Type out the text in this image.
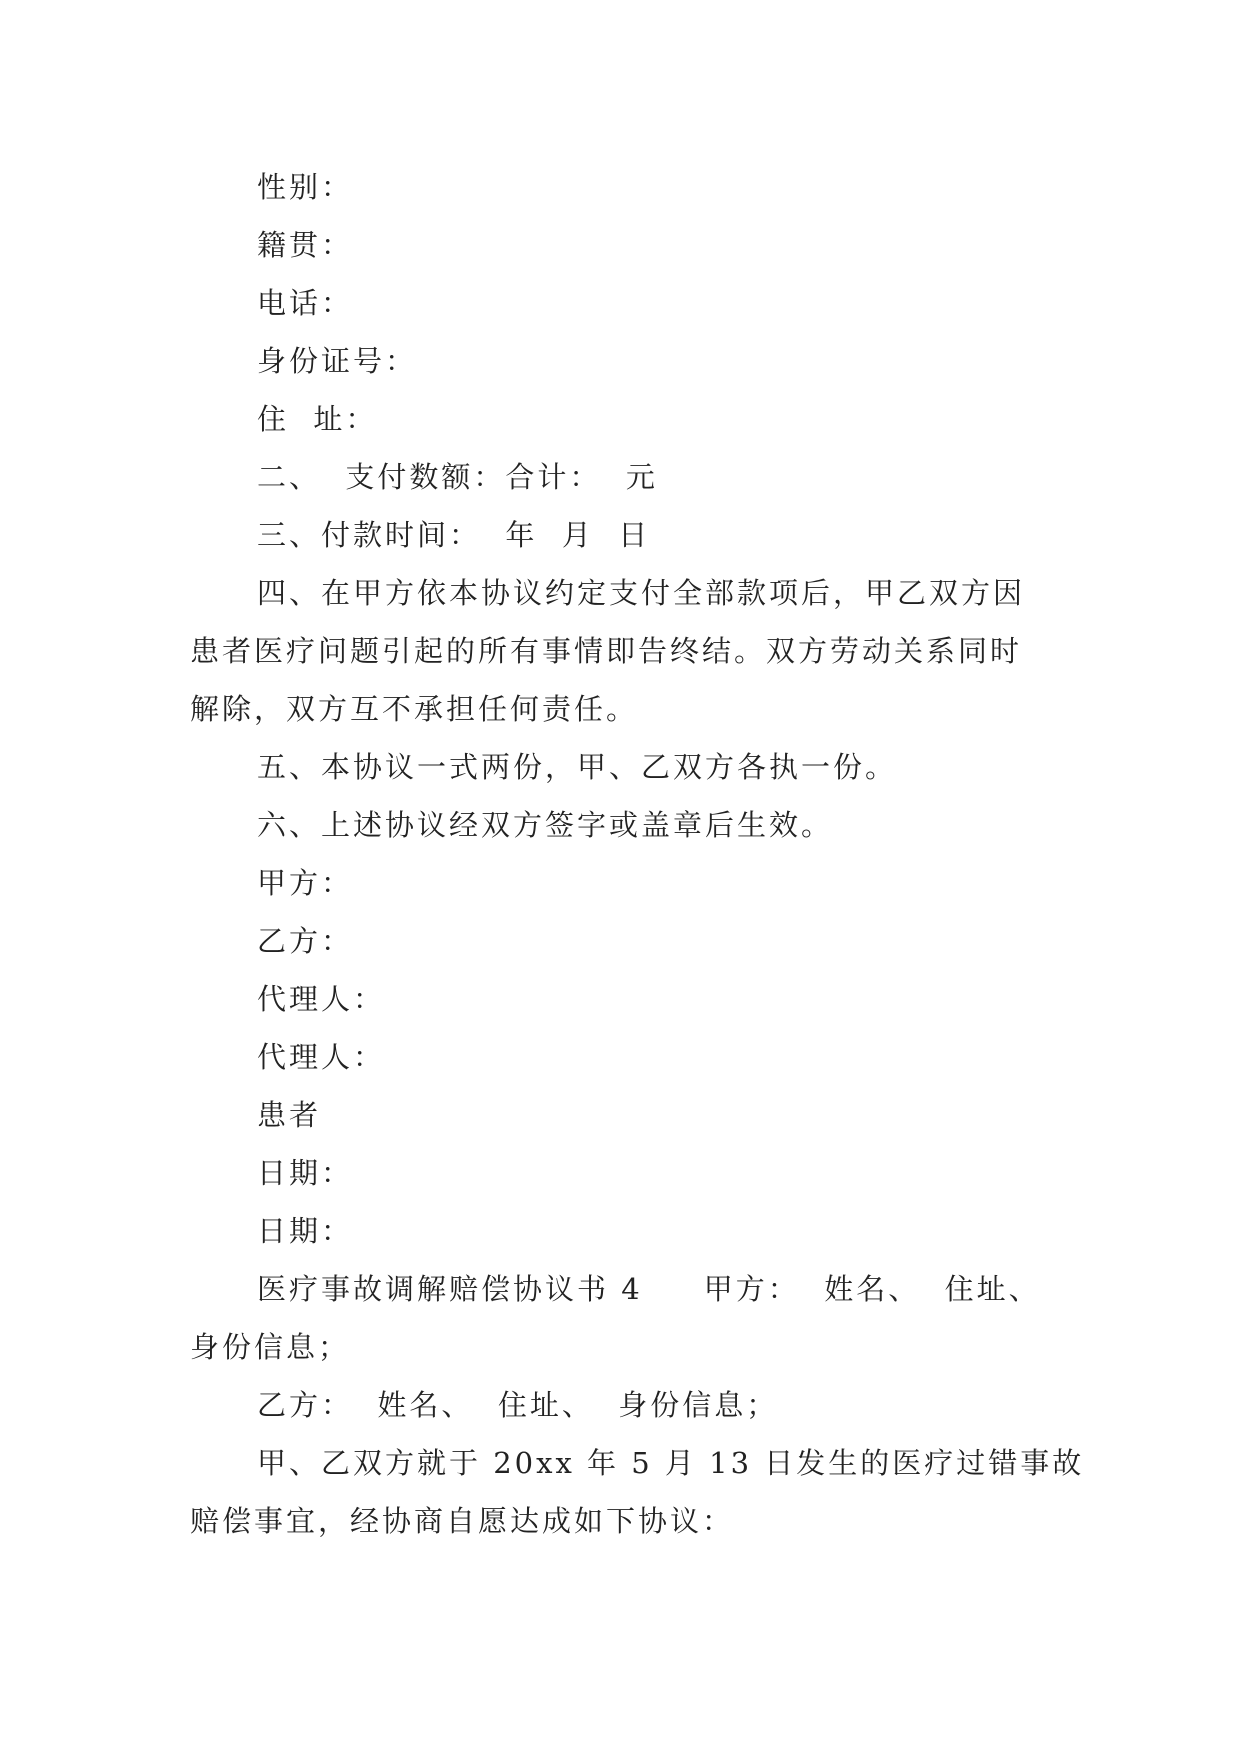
性别：
籍贯：
电话：
身份证号：
住  址：
二、  支付数额：合计：  元
三、付款时间：  年  月  日
四、在甲方依本协议约定支付全部款项后，甲乙双方因
患者医疗问题引起的所有事情即告终结。双方劳动关系同时
解除，双方互不承担任何责任。
五、本协议一式两份，甲、乙双方各执一份。
六、上述协议经双方签字或盖章后生效。
甲方：
乙方：
代理人：
代理人：
患者
日期：
日期：
医疗事故调解赔偿协议书 4     甲方：  姓名、  住址、
身份信息；
乙方：  姓名、  住址、  身份信息；
甲、乙双方就于 20xx 年 5 月 13 日发生的医疗过错事故
赔偿事宜，经协商自愿达成如下协议：
